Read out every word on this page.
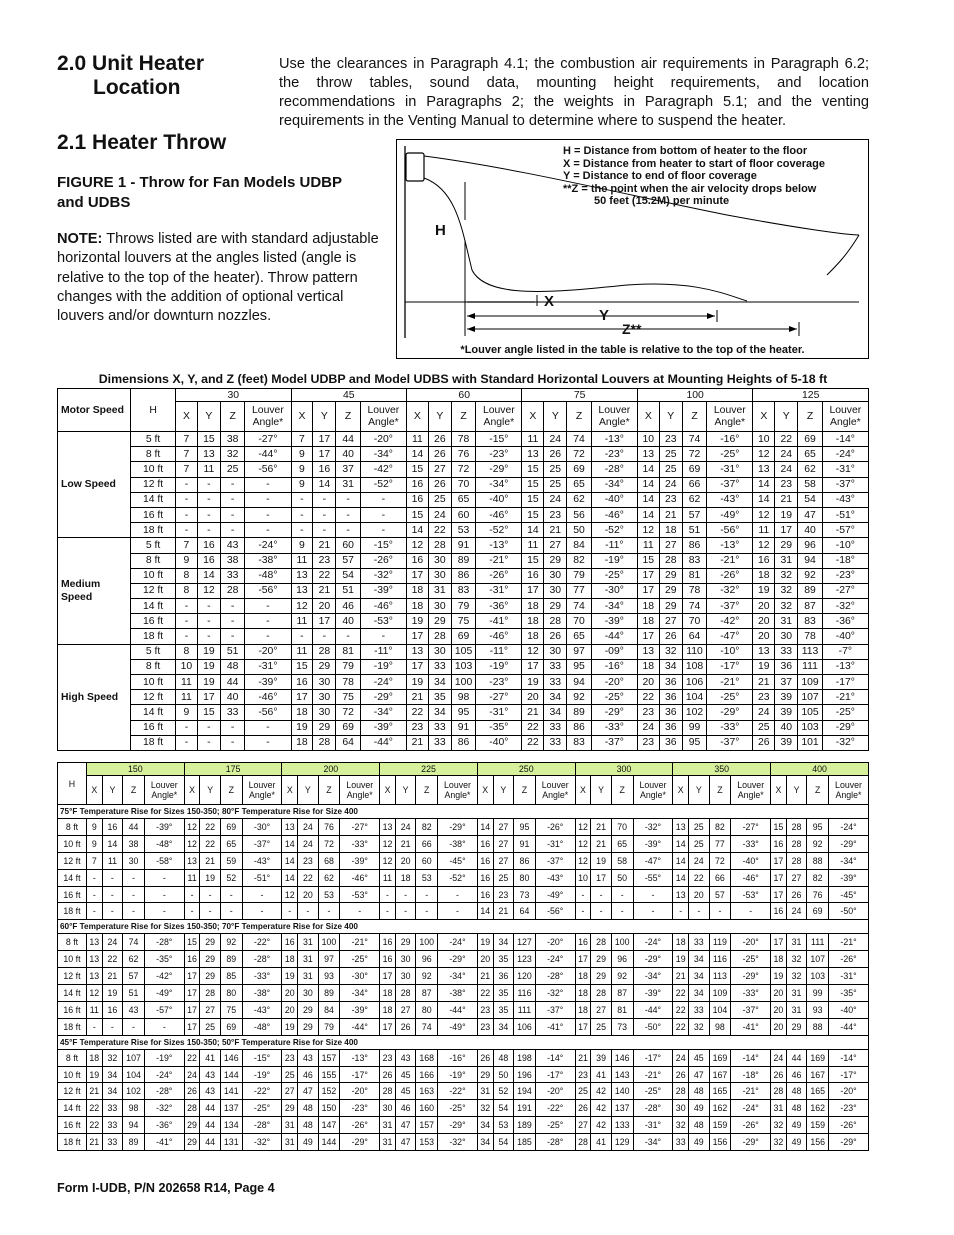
2.0 Unit Heater
Location

Use the clearances in Paragraph 4.1; the combustion air requirements in Paragraph 6.2; the throw tables, sound data, mounting height requirements, and location recommendations in Paragraphs 2; the weights in Paragraph 5.1; and the venting requirements in the Venting Manual to determine where to suspend the heater.

2.1 Heater Throw
FIGURE 1 - Throw for Fan Models UDBP and UDBS

NOTE: Throws listed are with standard adjustable horizontal louvers at the angles listed (angle is relative to the top of the heater). Throw pattern changes with the addition of optional vertical louvers and/or downturn nozzles.

H = Distance from bottom of heater to the floor
X = Distance from heater to start of floor coverage
Y = Distance to end of floor coverage
**Z = the point when the air velocity drops below
50 feet (15.2M) per minute
H
X
Y
Z**
*Louver angle listed in the table is relative to the top of the heater.
Dimensions X, Y, and Z (feet) Model UDBP and Model UDBS with Standard Horizontal Louvers at Mounting Heights of 5-18 ft
Motor Speed	H	30				45				60				75				100				125			
		X	Y	Z	Louver Angle*	X	Y	Z	Louver Angle*	X	Y	Z	Louver Angle*	X	Y	Z	Louver Angle*	X	Y	Z	Louver Angle*	X	Y	Z	Louver Angle*
Low Speed	5 ft	7	15	38	-27°	7	17	44	-20°	11	26	78	-15°	11	24	74	-13°	10	23	74	-16°	10	22	69	-14°
	8 ft	7	13	32	-44°	9	17	40	-34°	14	26	76	-23°	13	26	72	-23°	13	25	72	-25°	12	24	65	-24°
	10 ft	7	11	25	-56°	9	16	37	-42°	15	27	72	-29°	15	25	69	-28°	14	25	69	-31°	13	24	62	-31°
	12 ft	-	-	-	-	9	14	31	-52°	16	26	70	-34°	15	25	65	-34°	14	24	66	-37°	14	23	58	-37°
	14 ft	-	-	-	-	-	-	-	-	16	25	65	-40°	15	24	62	-40°	14	23	62	-43°	14	21	54	-43°
	16 ft	-	-	-	-	-	-	-	-	15	24	60	-46°	15	23	56	-46°	14	21	57	-49°	12	19	47	-51°
	18 ft	-	-	-	-	-	-	-	-	14	22	53	-52°	14	21	50	-52°	12	18	51	-56°	11	17	40	-57°
Medium Speed	5 ft	7	16	43	-24°	9	21	60	-15°	12	28	91	-13°	11	27	84	-11°	11	27	86	-13°	12	29	96	-10°
	8 ft	9	16	38	-38°	11	23	57	-26°	16	30	89	-21°	15	29	82	-19°	15	28	83	-21°	16	31	94	-18°
	10 ft	8	14	33	-48°	13	22	54	-32°	17	30	86	-26°	16	30	79	-25°	17	29	81	-26°	18	32	92	-23°
	12 ft	8	12	28	-56°	13	21	51	-39°	18	31	83	-31°	17	30	77	-30°	17	29	78	-32°	19	32	89	-27°
	14 ft	-	-	-	-	12	20	46	-46°	18	30	79	-36°	18	29	74	-34°	18	29	74	-37°	20	32	87	-32°
	16 ft	-	-	-	-	11	17	40	-53°	19	29	75	-41°	18	28	70	-39°	18	27	70	-42°	20	31	83	-36°
	18 ft	-	-	-	-	-	-	-	-	17	28	69	-46°	18	26	65	-44°	17	26	64	-47°	20	30	78	-40°
High Speed	5 ft	8	19	51	-20°	11	28	81	-11°	13	30	105	-11°	12	30	97	-09°	13	32	110	-10°	13	33	113	-7°
	8 ft	10	19	48	-31°	15	29	79	-19°	17	33	103	-19°	17	33	95	-16°	18	34	108	-17°	19	36	111	-13°
	10 ft	11	19	44	-39°	16	30	78	-24°	19	34	100	-23°	19	33	94	-20°	20	36	106	-21°	21	37	109	-17°
	12 ft	11	17	40	-46°	17	30	75	-29°	21	35	98	-27°	20	34	92	-25°	22	36	104	-25°	23	39	107	-21°
	14 ft	9	15	33	-56°	18	30	72	-34°	22	34	95	-31°	21	34	89	-29°	23	36	102	-29°	24	39	105	-25°
	16 ft	-	-	-	-	19	29	69	-39°	23	33	91	-35°	22	33	86	-33°	24	36	99	-33°	25	40	103	-29°
	18 ft	-	-	-	-	18	28	64	-44°	21	33	86	-40°	22	33	83	-37°	23	36	95	-37°	26	39	101	-32°
H	150				175				200				225				250				300				350				400			
	X	Y	Z	Louver Angle*	X	Y	Z	Louver Angle*	X	Y	Z	Louver Angle*	X	Y	Z	Louver Angle*	X	Y	Z	Louver Angle*	X	Y	Z	Louver Angle*	X	Y	Z	Louver Angle*	X	Y	Z	Louver Angle*
75°F Temperature Rise for Sizes 150-350; 80°F Temperature Rise for Size 400																																
8 ft	9	16	44	-39°	12	22	69	-30°	13	24	76	-27°	13	24	82	-29°	14	27	95	-26°	12	21	70	-32°	13	25	82	-27°	15	28	95	-24°
10 ft	9	14	38	-48°	12	22	65	-37°	14	24	72	-33°	12	21	66	-38°	16	27	91	-31°	12	21	65	-39°	14	25	77	-33°	16	28	92	-29°
12 ft	7	11	30	-58°	13	21	59	-43°	14	23	68	-39°	12	20	60	-45°	16	27	86	-37°	12	19	58	-47°	14	24	72	-40°	17	28	88	-34°
14 ft	-	-	-	-	11	19	52	-51°	14	22	62	-46°	11	18	53	-52°	16	25	80	-43°	10	17	50	-55°	14	22	66	-46°	17	27	82	-39°
16 ft	-	-	-	-	-	-	-	-	12	20	53	-53°	-	-	-	-	16	23	73	-49°	-	-	-	-	13	20	57	-53°	17	26	76	-45°
18 ft	-	-	-	-	-	-	-	-	-	-	-	-	-	-	-	-	14	21	64	-56°	-	-	-	-	-	-	-	-	16	24	69	-50°
60°F Temperature Rise for Sizes 150-350; 70°F Temperature Rise for Size 400																																
8 ft	13	24	74	-28°	15	29	92	-22°	16	31	100	-21°	16	29	100	-24°	19	34	127	-20°	16	28	100	-24°	18	33	119	-20°	17	31	111	-21°
10 ft	13	22	62	-35°	16	29	89	-28°	18	31	97	-25°	16	30	96	-29°	20	35	123	-24°	17	29	96	-29°	19	34	116	-25°	18	32	107	-26°
12 ft	13	21	57	-42°	17	29	85	-33°	19	31	93	-30°	17	30	92	-34°	21	36	120	-28°	18	29	92	-34°	21	34	113	-29°	19	32	103	-31°
14 ft	12	19	51	-49°	17	28	80	-38°	20	30	89	-34°	18	28	87	-38°	22	35	116	-32°	18	28	87	-39°	22	34	109	-33°	20	31	99	-35°
16 ft	11	16	43	-57°	17	27	75	-43°	20	29	84	-39°	18	27	80	-44°	23	35	111	-37°	18	27	81	-44°	22	33	104	-37°	20	31	93	-40°
18 ft	-	-	-	-	17	25	69	-48°	19	29	79	-44°	17	26	74	-49°	23	34	106	-41°	17	25	73	-50°	22	32	98	-41°	20	29	88	-44°
45°F Temperature Rise for Sizes 150-350; 50°F Temperature Rise for Size 400																																
8 ft	18	32	107	-19°	22	41	146	-15°	23	43	157	-13°	23	43	168	-16°	26	48	198	-14°	21	39	146	-17°	24	45	169	-14°	24	44	169	-14°
10 ft	19	34	104	-24°	24	43	144	-19°	25	46	155	-17°	26	45	166	-19°	29	50	196	-17°	23	41	143	-21°	26	47	167	-18°	26	46	167	-17°
12 ft	21	34	102	-28°	26	43	141	-22°	27	47	152	-20°	28	45	163	-22°	31	52	194	-20°	25	42	140	-25°	28	48	165	-21°	28	48	165	-20°
14 ft	22	33	98	-32°	28	44	137	-25°	29	48	150	-23°	30	46	160	-25°	32	54	191	-22°	26	42	137	-28°	30	49	162	-24°	31	48	162	-23°
16 ft	22	33	94	-36°	29	44	134	-28°	31	48	147	-26°	31	47	157	-29°	34	53	189	-25°	27	42	133	-31°	32	48	159	-26°	32	49	159	-26°
18 ft	21	33	89	-41°	29	44	131	-32°	31	49	144	-29°	31	47	153	-32°	34	54	185	-28°	28	41	129	-34°	33	49	156	-29°	32	49	156	-29°
Form I-UDB, P/N 202658 R14, Page 4
